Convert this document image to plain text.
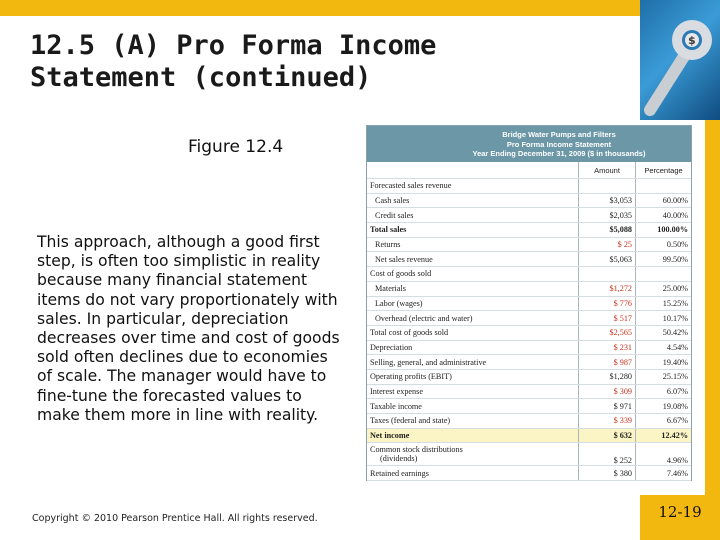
$
12.5 (A) Pro Forma Income
Statement (continued)
Figure 12.4

This approach, although a good first step, is often too simplistic in reality because many financial statement items do not vary proportionately with sales. In particular, depreciation decreases over time and cost of goods sold often declines due to economies of scale. The manager would have to fine-tune the forecasted values to make them more in line with reality.

Copyright © 2010 Pearson Prentice Hall. All rights reserved.	12-19
Bridge Water Pumps and Filters
Pro Forma Income Statement
Year Ending December 31, 2009 ($ in thousands)
	Amount	Percentage
Forecasted sales revenue		
Cash sales	$3,053	60.00%
Credit sales	$2,035	40.00%
Total sales	$5,088	100.00%
Returns	$ 25	0.50%
Net sales revenue	$5,063	99.50%
Cost of goods sold		
Materials	$1,272	25.00%
Labor (wages)	$ 776	15.25%
Overhead (electric and water)	$ 517	10.17%
Total cost of goods sold	$2,565	50.42%
Depreciation	$ 231	4.54%
Selling, general, and administrative	$ 987	19.40%
Operating profits (EBIT)	$1,280	25.15%
Interest expense	$ 309	6.07%
Taxable income	$ 971	19.08%
Taxes (federal and state)	$ 339	6.67%
Net income	$ 632	12.42%
Common stock distributions
(dividends)	$ 252	4.96%
Retained earnings	$ 380	7.46%
